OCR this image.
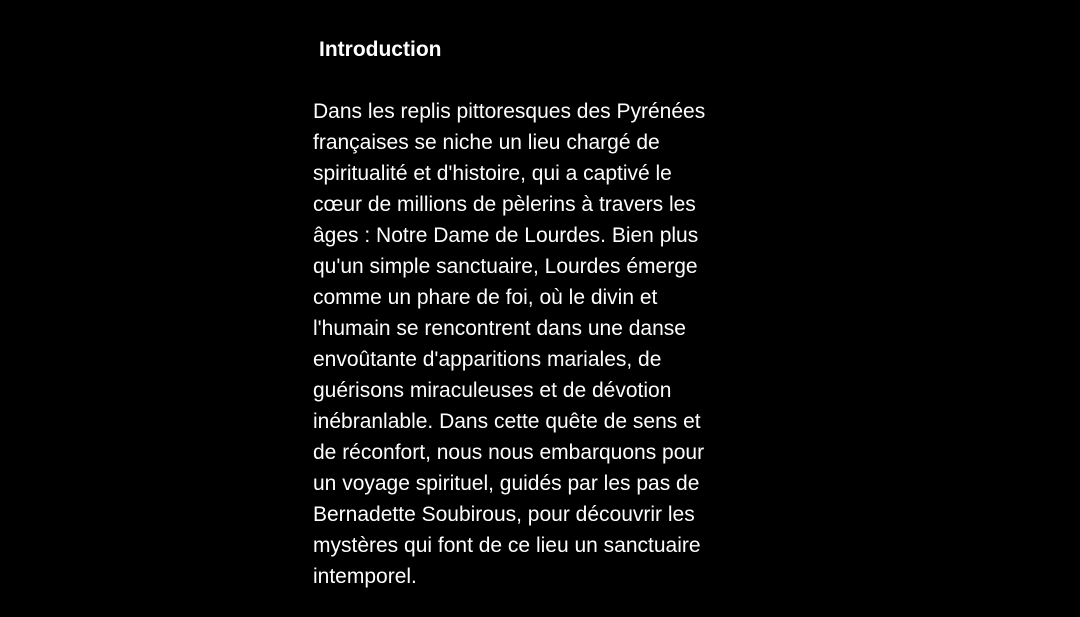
Introduction

Dans les replis pittoresques des Pyrénées
françaises se niche un lieu chargé de
spiritualité et d'histoire, qui a captivé le
cœur de millions de pèlerins à travers les
âges : Notre Dame de Lourdes. Bien plus
qu'un simple sanctuaire, Lourdes émerge
comme un phare de foi, où le divin et
l'humain se rencontrent dans une danse
envoûtante d'apparitions mariales, de
guérisons miraculeuses et de dévotion
inébranlable. Dans cette quête de sens et
de réconfort, nous nous embarquons pour
un voyage spirituel, guidés par les pas de
Bernadette Soubirous, pour découvrir les
mystères qui font de ce lieu un sanctuaire
intemporel.
